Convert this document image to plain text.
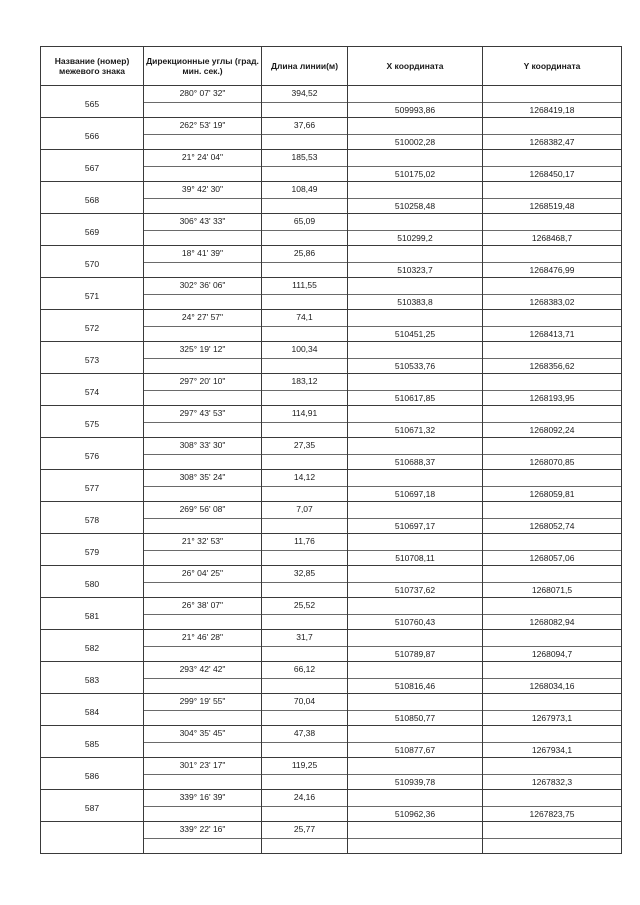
Название (номер) межевого знака	Дирекционные углы (град. мин. сек.)	Длина линии(м)	X координата	Y координата
565	280° 07' 32"	394,52	509993,86	1268419,18

566	262° 53' 19"	37,66	510002,28	1268382,47

567	21° 24' 04"	185,53	510175,02	1268450,17

568	39° 42' 30"	108,49	510258,48	1268519,48

569	306° 43' 33"	65,09	510299,2	1268468,7

570	18° 41' 39"	25,86	510323,7	1268476,99

571	302° 36' 06"	111,55	510383,8	1268383,02

572	24° 27' 57"	74,1	510451,25	1268413,71

573	325° 19' 12"	100,34	510533,76	1268356,62

574	297° 20' 10"	183,12	510617,85	1268193,95

575	297° 43' 53"	114,91	510671,32	1268092,24

576	308° 33' 30"	27,35	510688,37	1268070,85

577	308° 35' 24"	14,12	510697,18	1268059,81

578	269° 56' 08"	7,07	510697,17	1268052,74

579	21° 32' 53"	11,76	510708,11	1268057,06

580	26° 04' 25"	32,85	510737,62	1268071,5

581	26° 38' 07"	25,52	510760,43	1268082,94

582	21° 46' 28"	31,7	510789,87	1268094,7

583	293° 42' 42"	66,12	510816,46	1268034,16

584	299° 19' 55"	70,04	510850,77	1267973,1

585	304° 35' 45"	47,38	510877,67	1267934,1

586	301° 23' 17"	119,25	510939,78	1267832,3

587	339° 16' 39"	24,16	510962,36	1267823,75

	339° 22' 16"	25,77		
